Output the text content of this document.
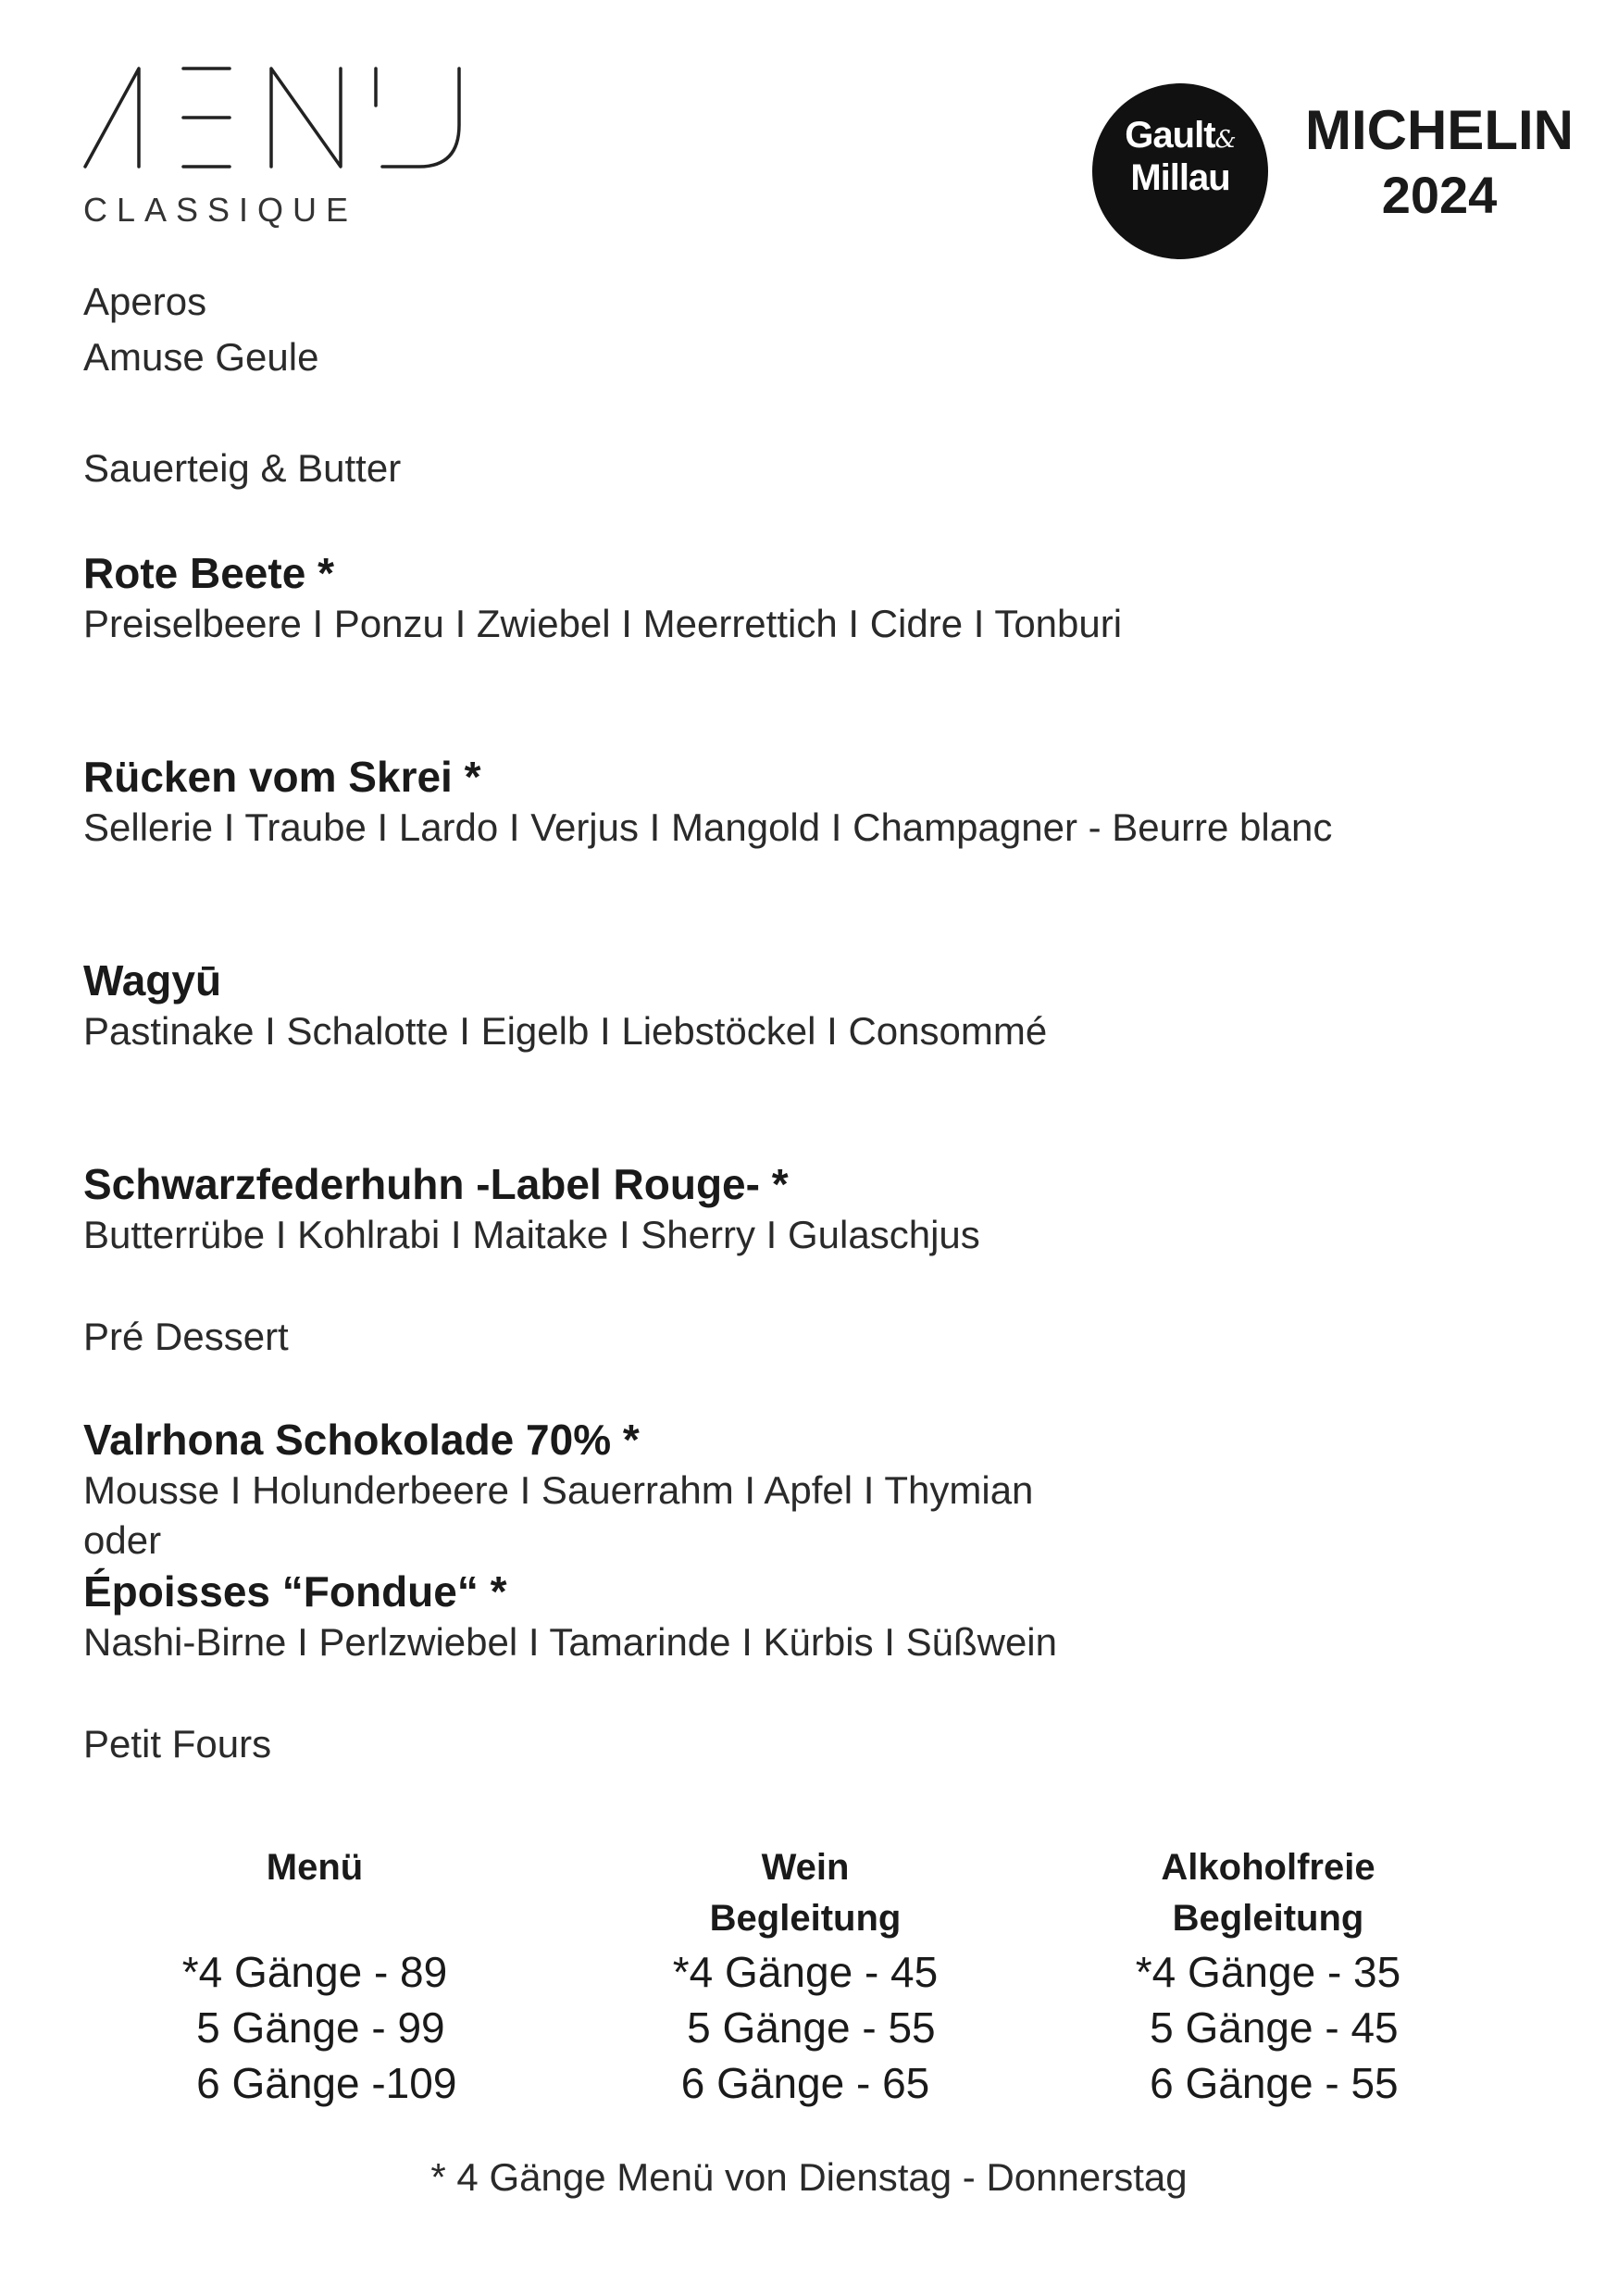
CLASSIQUE
Gault&
Millau
MICHELIN
2024
Aperos
Amuse Geule
Sauerteig & Butter
Rote Beete *
Preiselbeere I Ponzu I Zwiebel I Meerrettich I Cidre I Tonburi
Rücken vom Skrei *
Sellerie I Traube I Lardo I Verjus I Mangold I Champagner - Beurre blanc
Wagyū
Pastinake I Schalotte I Eigelb I Liebstöckel I Consommé
Schwarzfederhuhn -Label Rouge- *
Butterrübe I Kohlrabi I Maitake I Sherry I Gulaschjus
Pré Dessert
Valrhona Schokolade 70% *
Mousse I Holunderbeere I Sauerrahm I Apfel I Thymian
oder
Époisses “Fondue“ *
Nashi-Birne I Perlzwiebel I Tamarinde I Kürbis I Süßwein
Petit Fours
Menü

*4 Gänge - 89
5 Gänge - 99
6 Gänge -109
Wein
Begleitung
*4 Gänge - 45
5 Gänge - 55
6 Gänge - 65
Alkoholfreie
Begleitung
*4 Gänge - 35
5 Gänge - 45
6 Gänge - 55
* 4 Gänge Menü von Dienstag - Donnerstag
